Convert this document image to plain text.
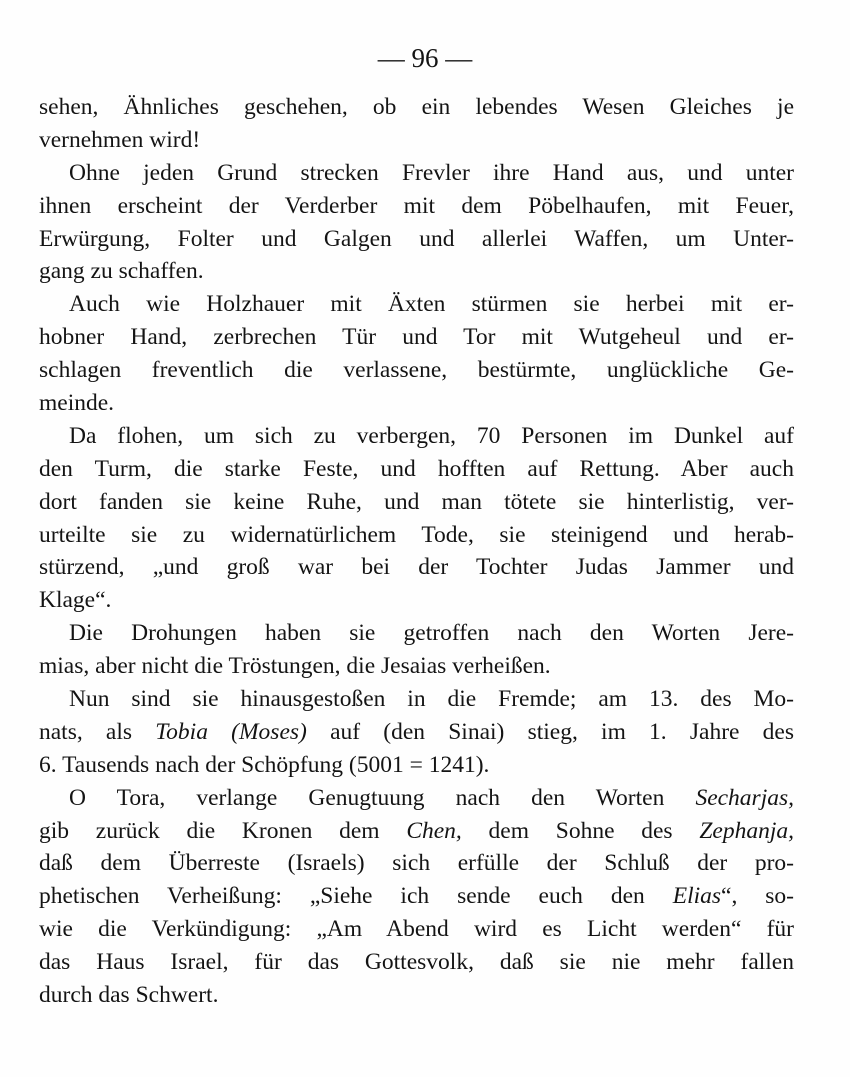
— 96 —
sehen, Ähnliches geschehen, ob ein lebendes Wesen Gleiches je
vernehmen wird!
Ohne jeden Grund strecken Frevler ihre Hand aus, und unter
ihnen erscheint der Verderber mit dem Pöbelhaufen, mit Feuer,
Erwürgung, Folter und Galgen und allerlei Waffen, um Unter-
gang zu schaffen.
Auch wie Holzhauer mit Äxten stürmen sie herbei mit er-
hobner Hand, zerbrechen Tür und Tor mit Wutgeheul und er-
schlagen freventlich die verlassene, bestürmte, unglückliche Ge-
meinde.
Da flohen, um sich zu verbergen, 70 Personen im Dunkel auf
den Turm, die starke Feste, und hofften auf Rettung. Aber auch
dort fanden sie keine Ruhe, und man tötete sie hinterlistig, ver-
urteilte sie zu widernatürlichem Tode, sie steinigend und herab-
stürzend, „und groß war bei der Tochter Judas Jammer und
Klage“.
Die Drohungen haben sie getroffen nach den Worten Jere-
mias, aber nicht die Tröstungen, die Jesaias verheißen.
Nun sind sie hinausgestoßen in die Fremde; am 13. des Mo-
nats, als Tobia (Moses) auf (den Sinai) stieg, im 1. Jahre des
6. Tausends nach der Schöpfung (5001 = 1241).
O Tora, verlange Genugtuung nach den Worten Secharjas,
gib zurück die Kronen dem Chen, dem Sohne des Zephanja,
daß dem Überreste (Israels) sich erfülle der Schluß der pro-
phetischen Verheißung: „Siehe ich sende euch den Elias“, so-
wie die Verkündigung: „Am Abend wird es Licht werden“ für
das Haus Israel, für das Gottesvolk, daß sie nie mehr fallen
durch das Schwert.
